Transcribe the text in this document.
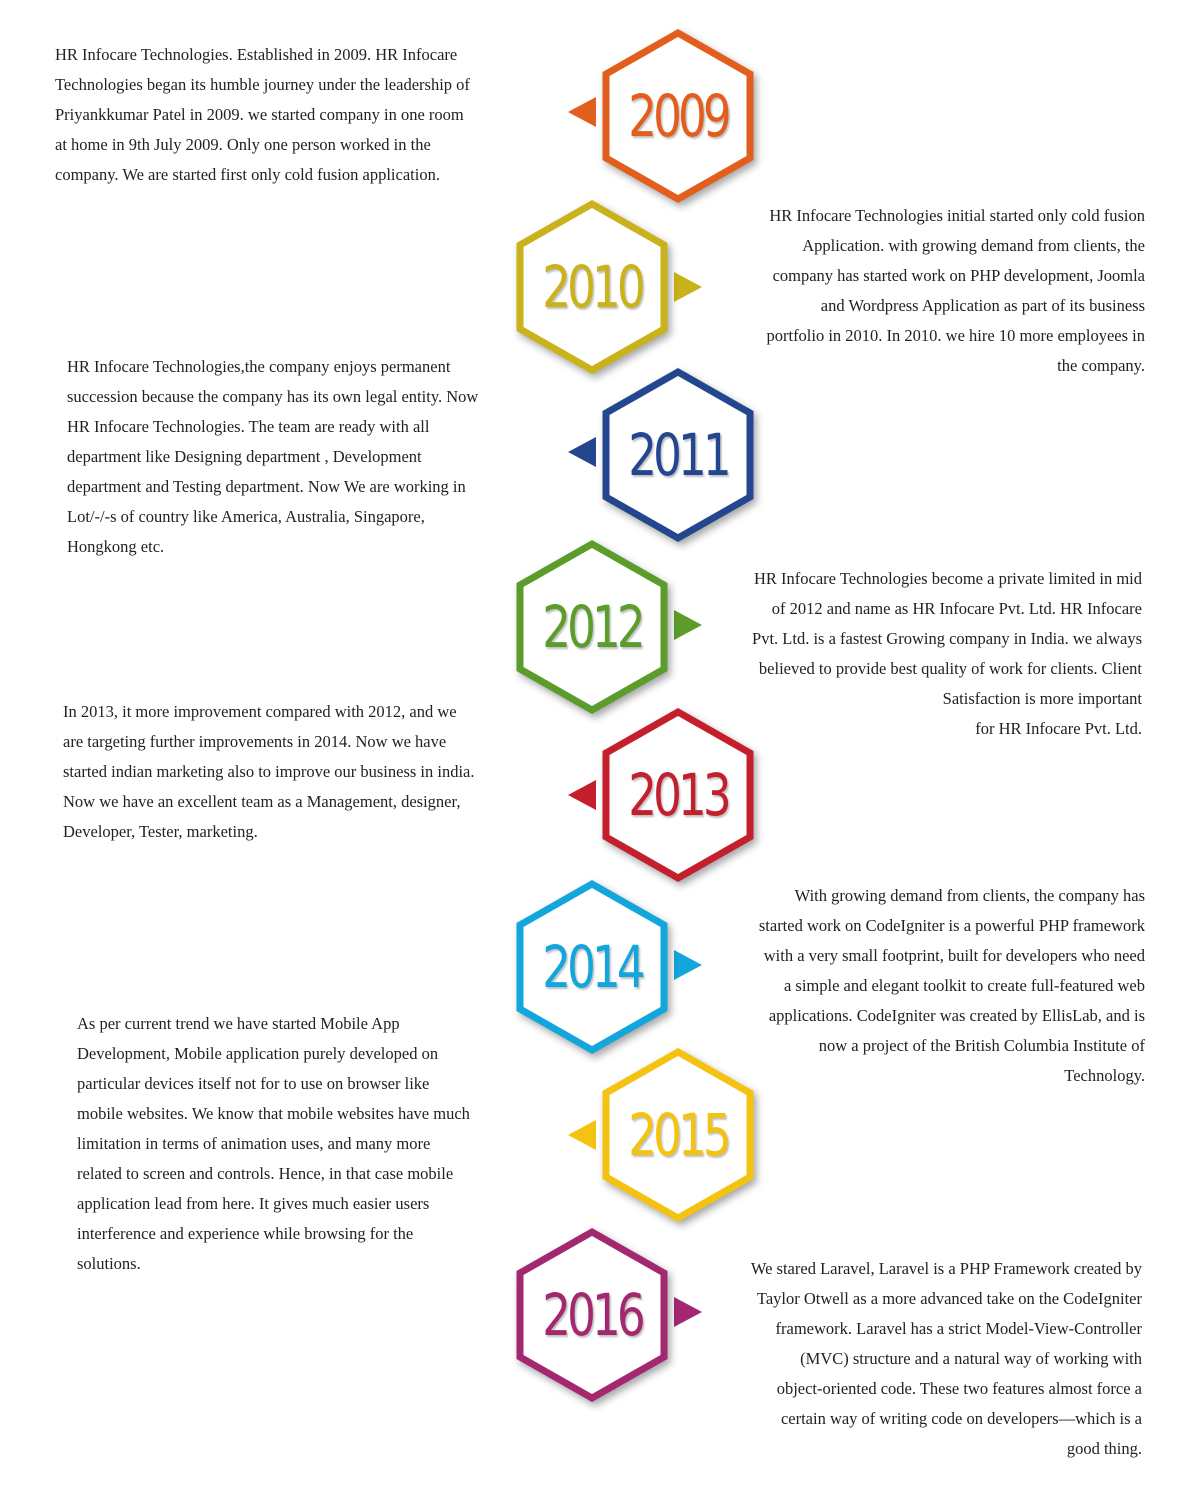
HR Infocare Technologies. Established in 2009. HR Infocare
Technologies began its humble journey under the leadership of
Priyankkumar Patel in 2009. we started company in one room
at home in 9th July 2009. Only one person worked in the
company. We are started first only cold fusion application.

2009

HR Infocare Technologies initial started only cold fusion
Application. with growing demand from clients, the
company has started work on PHP development, Joomla
and Wordpress Application as part of its business
portfolio in 2010. In 2010. we hire 10 more employees in
the company.

2010

HR Infocare Technologies,the company enjoys permanent
succession because the company has its own legal entity. Now
HR Infocare Technologies. The team are ready with all
department like Designing department , Development
department and Testing department. Now We are working in
Lot/-/-s of country like America, Australia, Singapore,
Hongkong etc.

2011

HR Infocare Technologies become a private limited in mid
of 2012 and name as HR Infocare Pvt. Ltd. HR Infocare
Pvt. Ltd. is a fastest Growing company in India. we always
believed to provide best quality of work for clients. Client
Satisfaction is more important
for HR Infocare Pvt. Ltd.

2012

In 2013, it more improvement compared with 2012, and we
are targeting further improvements in 2014. Now we have
started indian marketing also to improve our business in india.
Now we have an excellent team as a Management, designer,
Developer, Tester, marketing.

2013

With growing demand from clients, the company has
started work on CodeIgniter is a powerful PHP framework
with a very small footprint, built for developers who need
a simple and elegant toolkit to create full-featured web
applications. CodeIgniter was created by EllisLab, and is
now a project of the British Columbia Institute of
Technology.

2014

As per current trend we have started Mobile App
Development, Mobile application purely developed on
particular devices itself not for to use on browser like
mobile websites. We know that mobile websites have much
limitation in terms of animation uses, and many more
related to screen and controls. Hence, in that case mobile
application lead from here. It gives much easier users
interference and experience while browsing for the
solutions.

2015

We stared Laravel, Laravel is a PHP Framework created by
Taylor Otwell as a more advanced take on the CodeIgniter
framework. Laravel has a strict Model-View-Controller
(MVC) structure and a natural way of working with
object-oriented code. These two features almost force a
certain way of writing code on developers—which is a
good thing.

2016
